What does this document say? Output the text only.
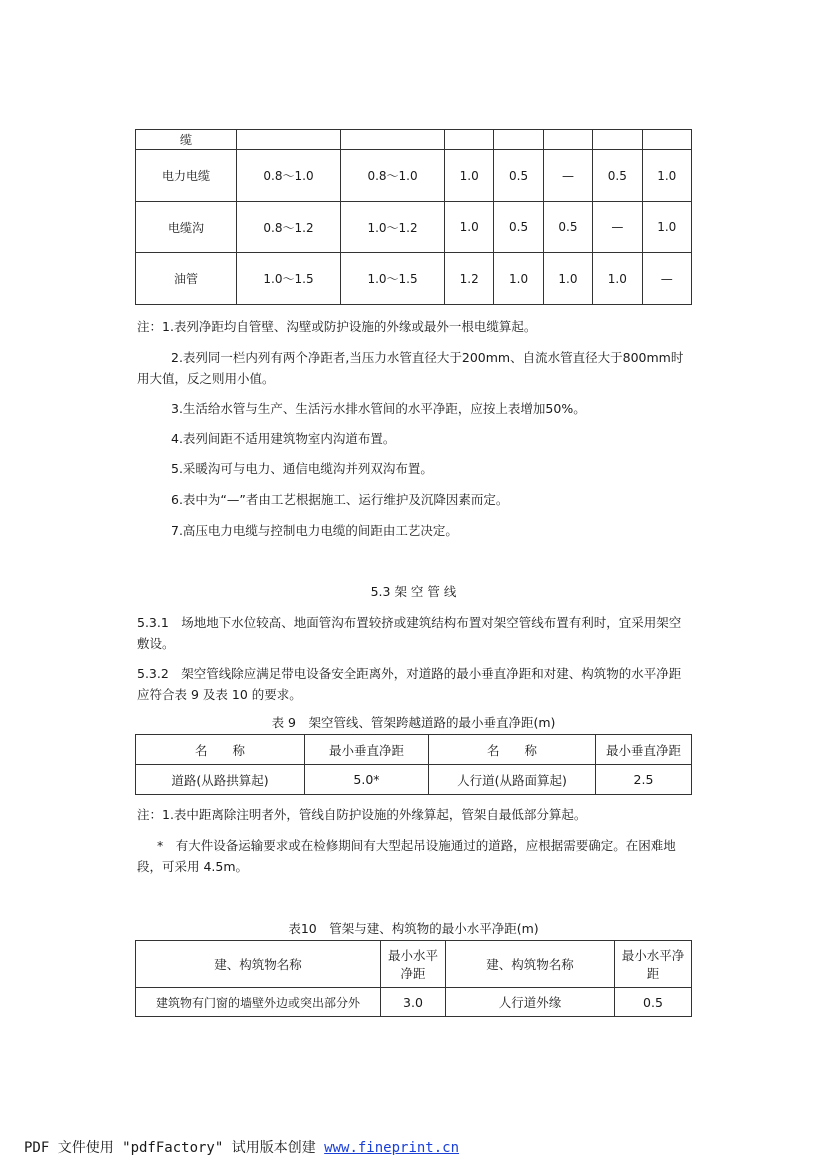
缆							
电力电缆	0.8～1.0	0.8～1.0	1.0	0.5	—	0.5	1.0
电缆沟	0.8～1.2	1.0～1.2	1.0	0.5	0.5	—	1.0
油管	1.0～1.5	1.0～1.5	1.2	1.0	1.0	1.0	—

注：1.表列净距均自管壁、沟壁或防护设施的外缘或最外一根电缆算起。

2.表列同一栏内列有两个净距者,当压力水管直径大于200mm、自流水管直径大于800mm时用大值，反之则用小值。

3.生活给水管与生产、生活污水排水管间的水平净距，应按上表增加50%。

4.表列间距不适用建筑物室内沟道布置。

5.采暖沟可与电力、通信电缆沟并列双沟布置。

6.表中为“—”者由工艺根据施工、运行维护及沉降因素而定。

7.高压电力电缆与控制电力电缆的间距由工艺决定。

5.3 架 空 管 线

5.3.1　场地地下水位较高、地面管沟布置较挤或建筑结构布置对架空管线布置有利时，宜采用架空敷设。

5.3.2　架空管线除应满足带电设备安全距离外，对道路的最小垂直净距和对建、构筑物的水平净距应符合表 9 及表 10 的要求。

表 9　架空管线、管架跨越道路的最小垂直净距(m)

名　　称	最小垂直净距	名　　称	最小垂直净距
道路(从路拱算起)	5.0*	人行道(从路面算起)	2.5

注：1.表中距离除注明者外，管线自防护设施的外缘算起，管架自最低部分算起。

*　有大件设备运输要求或在检修期间有大型起吊设施通过的道路，应根据需要确定。在困难地段，可采用 4.5m。

表10　管架与建、构筑物的最小水平净距(m)

建、构筑物名称	最小水平净距	建、构筑物名称	最小水平净距
建筑物有门窗的墙壁外边或突出部分外	3.0	人行道外缘	0.5
PDF 文件使用 "pdfFactory" 试用版本创建 www.fineprint.cn
